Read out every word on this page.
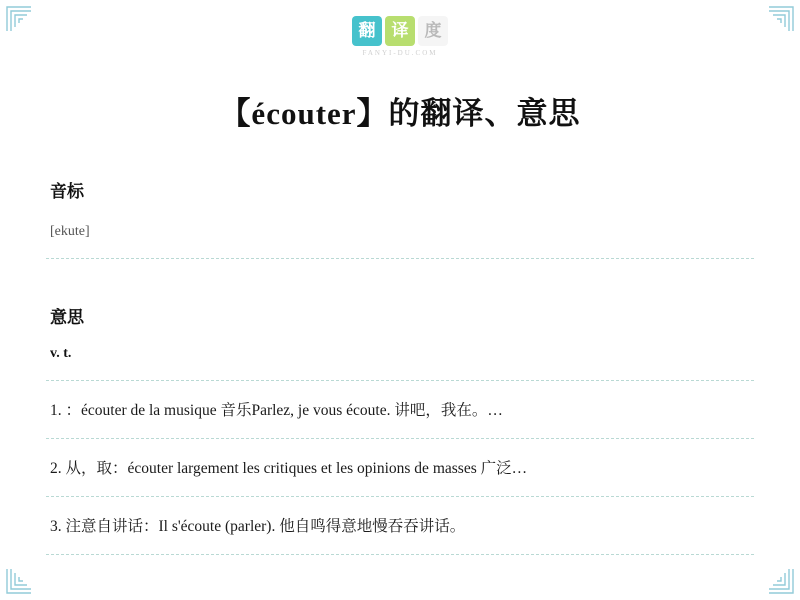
翻 译 度
FANYI-DU.COM
【écouter】的翻译、意思
音标
[ekute]
意思
v. t.
1. ：écouter de la musique 音乐Parlez, je vous écoute. 讲吧，我在。…
2. 从，取：écouter largement les critiques et les opinions de masses 广泛…
3. 注意自讲话：Il s'écoute (parler). 他自鸣得意地慢吞吞讲话。
